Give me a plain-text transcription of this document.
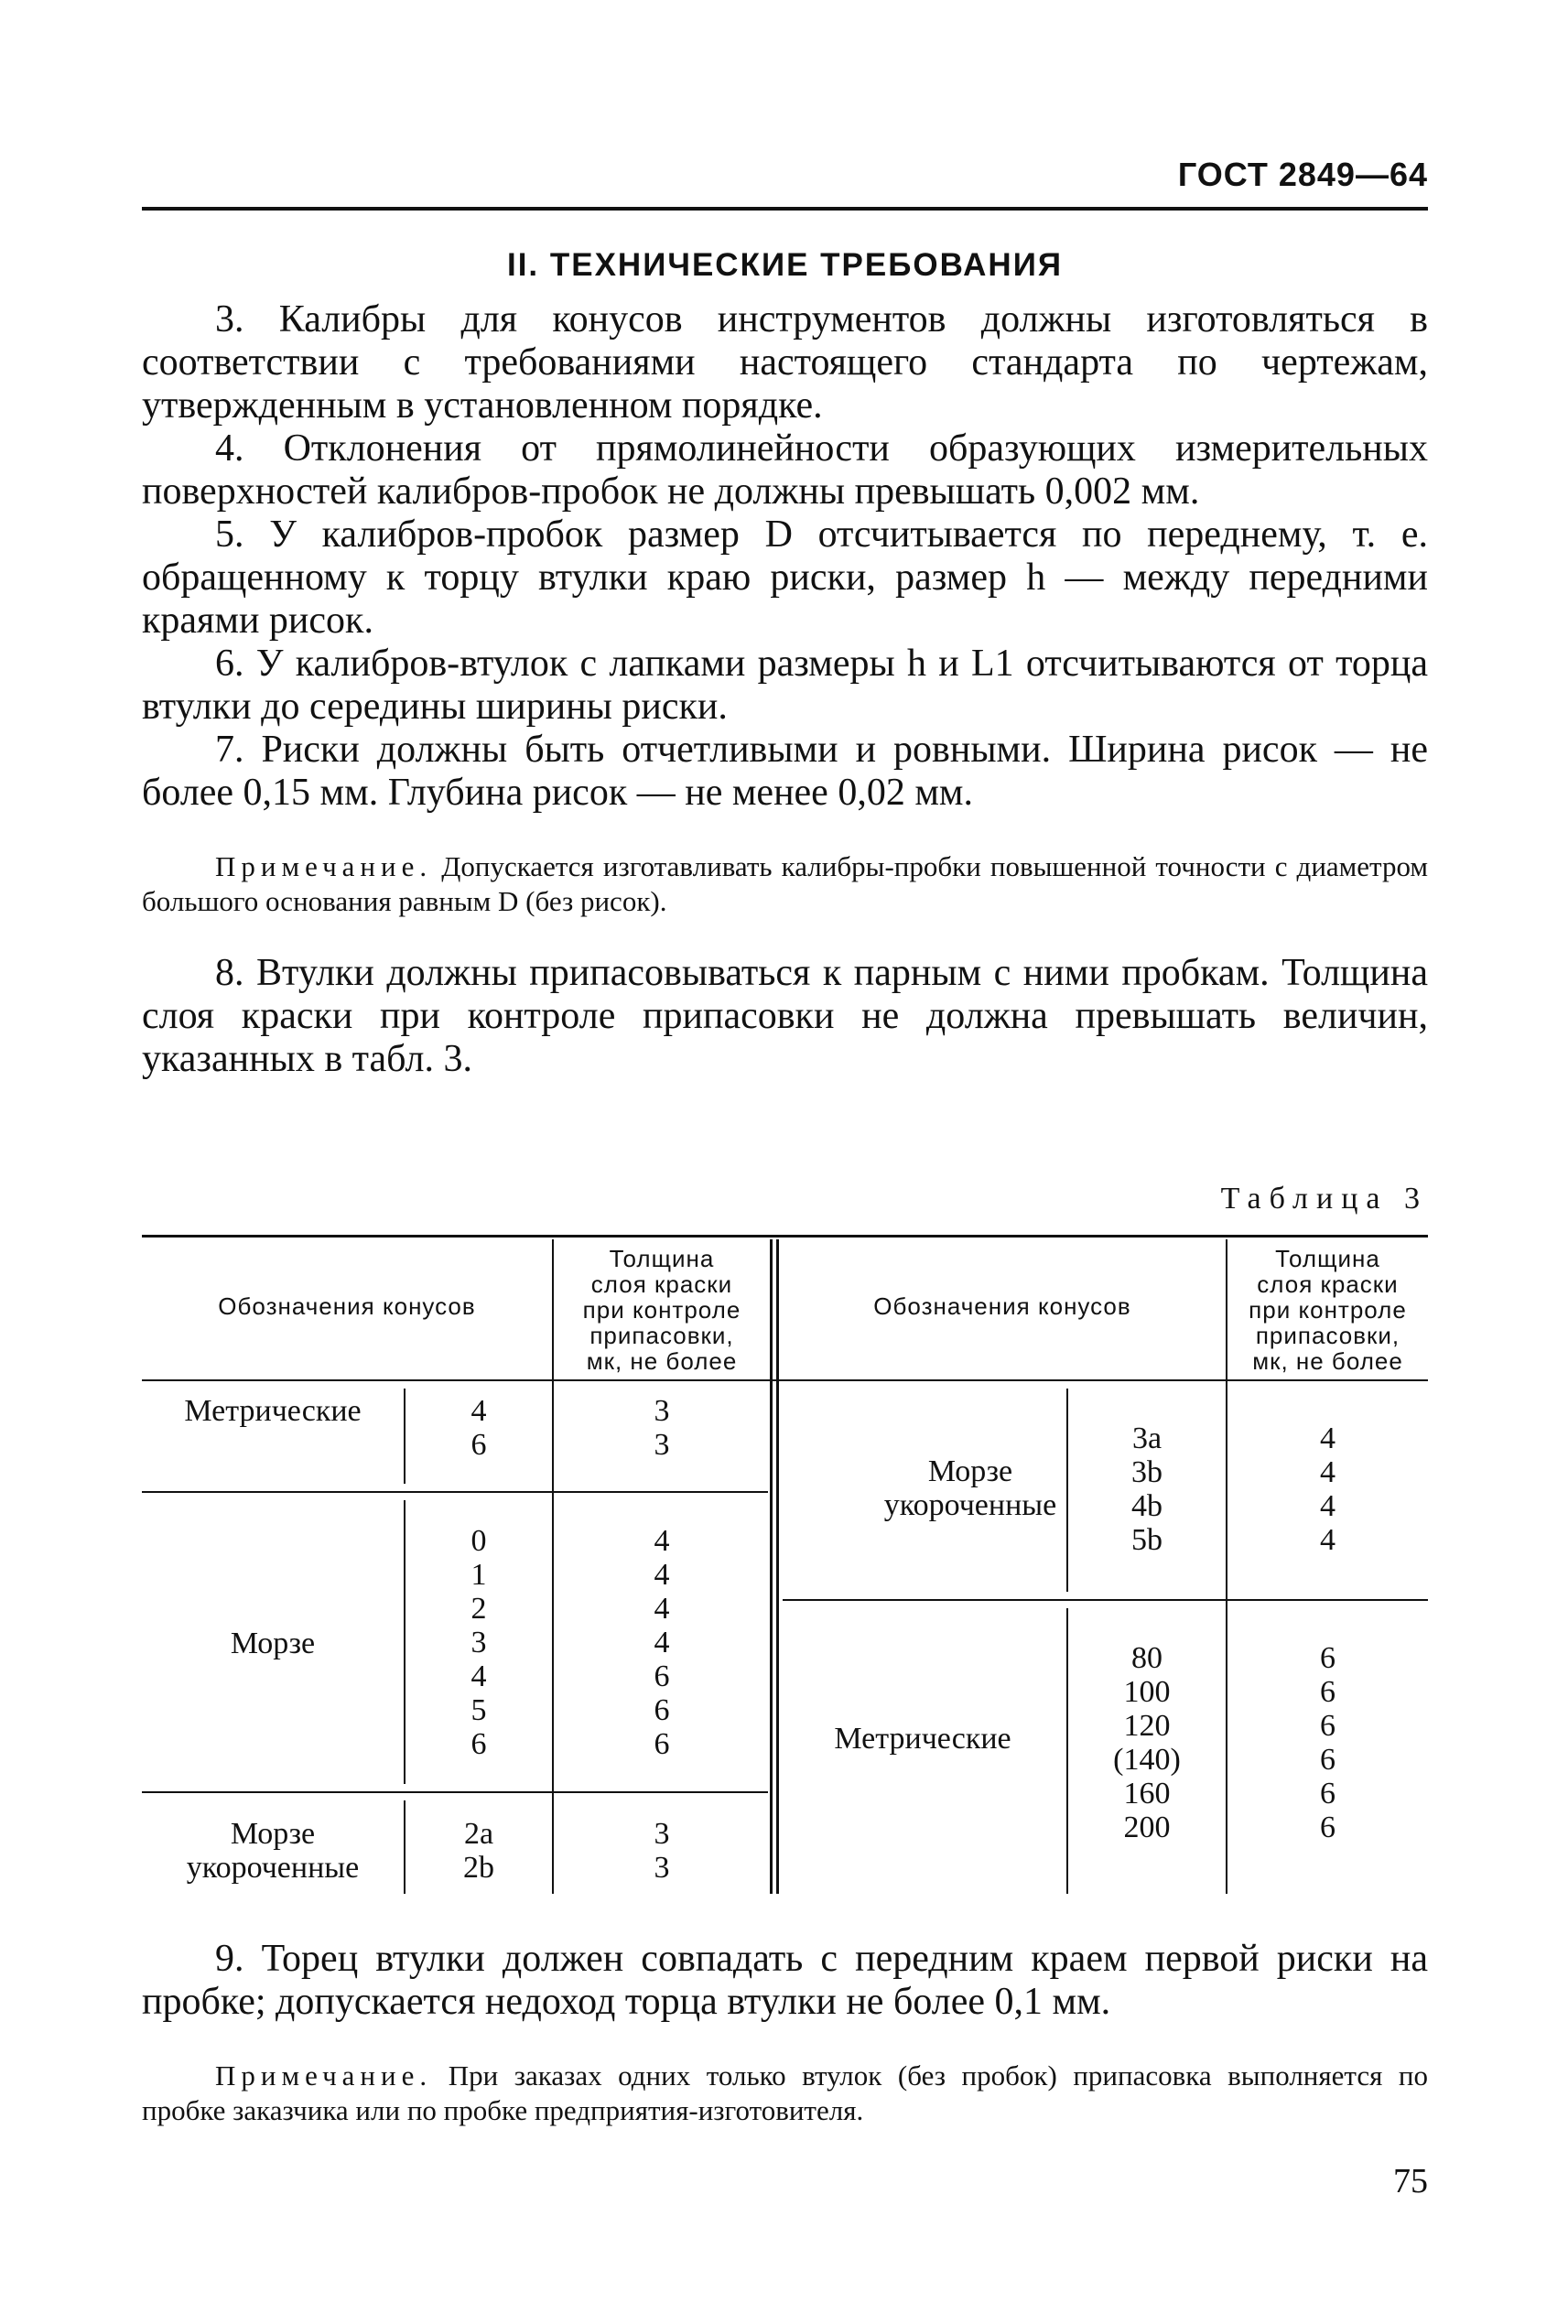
ГОСТ 2849—64
II. ТЕХНИЧЕСКИЕ ТРЕБОВАНИЯ

3. Калибры для конусов инструментов должны изготовляться в соответствии с требованиями настоящего стандарта по чертежам, утвержденным в установленном порядке.

4. Отклонения от прямолинейности образующих измерительных поверхностей калибров-пробок не должны превышать 0,002 мм.

5. У калибров-пробок размер D отсчитывается по переднему, т. е. обращенному к торцу втулки краю риски, размер h — между передними краями рисок.

6. У калибров-втулок с лапками размеры h и L1 отсчитываются от торца втулки до середины ширины риски.

7. Риски должны быть отчетливыми и ровными. Ширина рисок — не более 0,15 мм. Глубина рисок — не менее 0,02 мм.

Примечание. Допускается изготавливать калибры-пробки повышенной точности с диаметром большого основания равным D (без рисок).

8. Втулки должны припасовываться к парным с ними пробкам. Толщина слоя краски при контроле припасовки не должна превышать величин, указанных в табл. 3.

Таблица 3
Обозначения конусов
Толщина
слоя краски
при контроле
припасовки,
мк, не более
Обозначения конусов
Толщина
слоя краски
при контроле
припасовки,
мк, не более
Метрические	4
6
3
3
Морзе
0
1
2
3
4
5
6
4
4
4
4
6
6
6
Морзе укороченные
2a
2b
3
3
Морзе укороченные
3a
3b
4b
5b
4
4
4
4
Метрические
80
100
120
(140)
160
200
6
6
6
6
6
6

9. Торец втулки должен совпадать с передним краем первой риски на пробке; допускается недоход торца втулки не более 0,1 мм.

Примечание. При заказах одних только втулок (без пробок) припасовка выполняется по пробке заказчика или по пробке предприятия-изготовителя.

75
